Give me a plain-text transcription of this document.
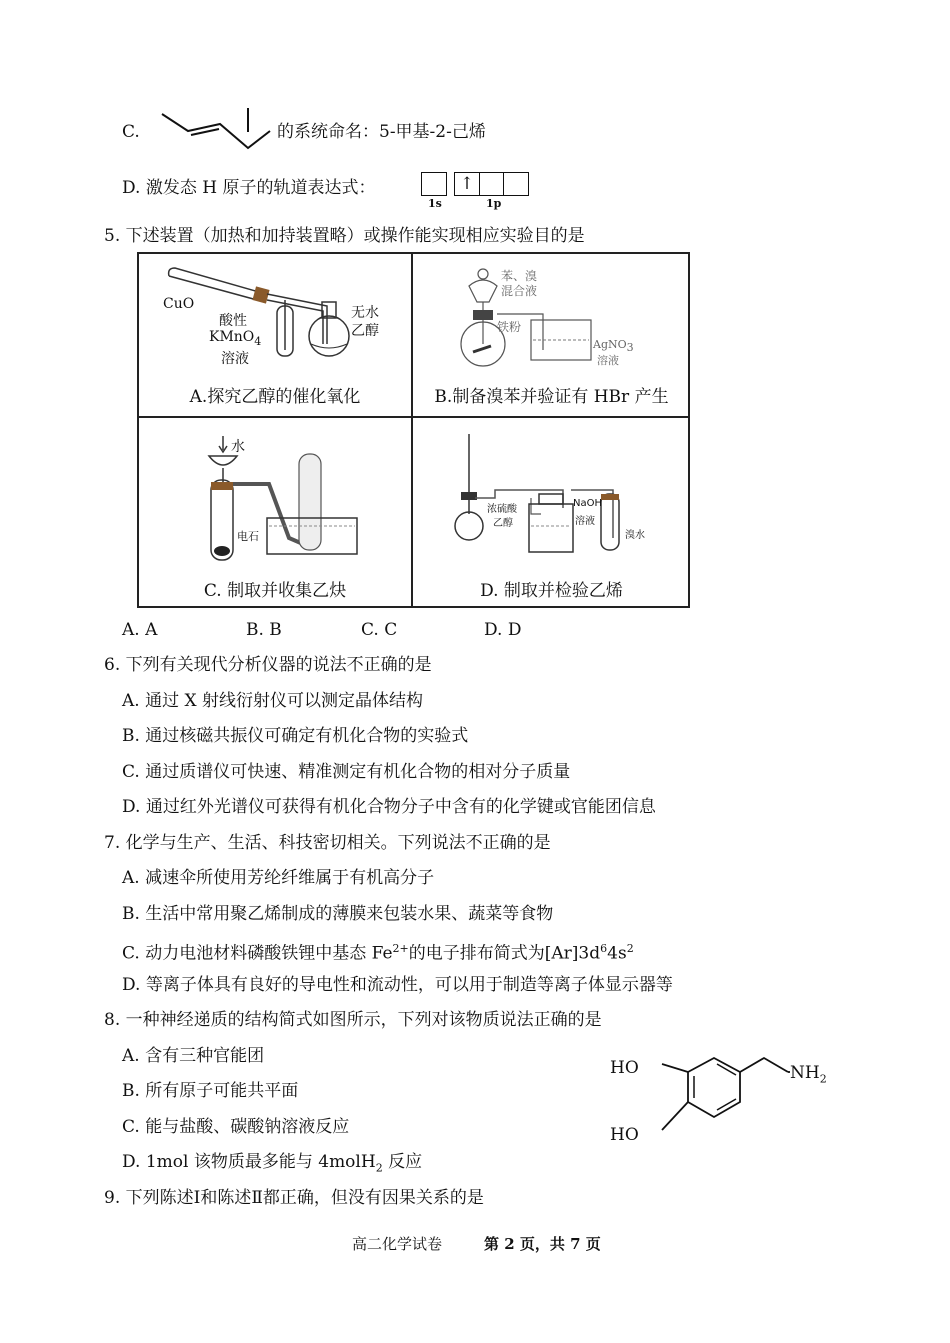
C.	的系统命名：5-甲基-2-己烯
D. 激发态 H 原子的轨道表达式：	↑
1s	1p
5. 下述装置（加热和加持装置略）或操作能实现相应实验目的是
CuO
酸性
KMnO$_4$
溶液
无水
乙醇
A.探究乙醇的催化氧化
苯、溴
混合液
铁粉
AgNO$_3$
溶液
B.制备溴苯并验证有 HBr 产生
水
电石
C. 制取并收集乙炔
浓硫酸
乙醇
NaOH
溶液
溴水
D. 制取并检验乙烯
A. A	B. B	C. C	D. D
6. 下列有关现代分析仪器的说法不正确的是
A. 通过 X 射线衍射仪可以测定晶体结构
B. 通过核磁共振仪可确定有机化合物的实验式
C. 通过质谱仪可快速、精准测定有机化合物的相对分子质量
D. 通过红外光谱仪可获得有机化合物分子中含有的化学键或官能团信息
7. 化学与生产、生活、科技密切相关。下列说法不正确的是
A. 减速伞所使用芳纶纤维属于有机高分子
B. 生活中常用聚乙烯制成的薄膜来包装水果、蔬菜等食物
C. 动力电池材料磷酸铁锂中基态 $Fe^{2+}$的电子排布简式为$[Ar]3d^64s^2$
D. 等离子体具有良好的导电性和流动性，可以用于制造等离子体显示器等
8. 一种神经递质的结构简式如图所示，下列对该物质说法正确的是
A. 含有三种官能团
B. 所有原子可能共平面
C. 能与盐酸、碳酸钠溶液反应
D. 1mol 该物质最多能与 4molH$_2$ 反应
HO
HO
$NH_2$
9. 下列陈述Ⅰ和陈述Ⅱ都正确，但没有因果关系的是
高二化学试卷	第 2 页，共 7 页
